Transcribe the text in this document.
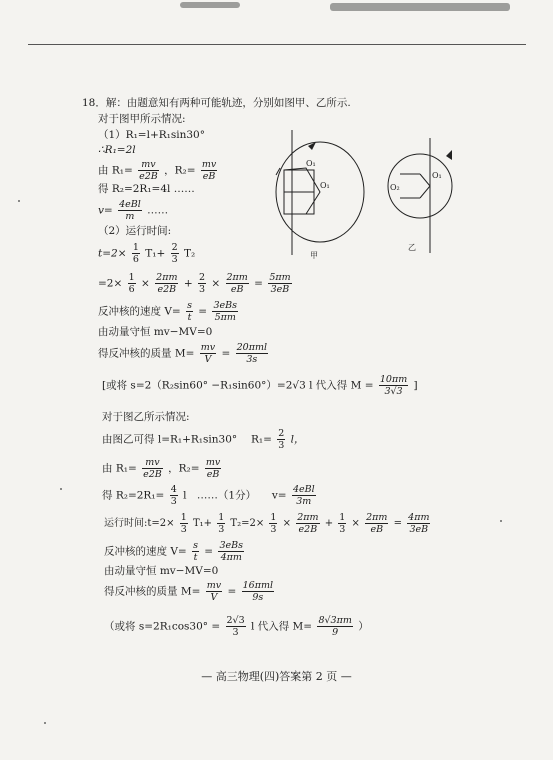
18．解：由题意知有两种可能轨迹，分别如图甲、乙所示.
对于图甲所示情况:
（1）R₁=l+R₁sin30°
∴R₁=2l
由 $R_1= \frac{mv}{e2B}$ ，$R_2= \frac{mv}{eB}$
得 R₂=2R₁=4l ……
$v= \frac{\text{4eBl}}{m}$ ……
（2）运行时间:
$t=2\times \frac{1}{6} T_1+ \frac{2}{3} T_2$
$=2\times \frac{1}{6} \times \frac{2\pi m}{e2B} + \frac{2}{3} \times \frac{2\pi m}{eB} = \frac{5\pi m}{3eB}$
反冲核的速度 $V= \frac{s}{t} = \frac{\text{3eBs}}{5\pi m}$
由动量守恒 mv−MV=0
得反冲核的质量 $M= \frac{mv}{V} = \frac{\text{20πml}}{3s}$
[或将 s=2（R₂sin60° −R₁sin60°）=2√3 l 代入得 $M = \frac{10\pi m}{3√3}$ ]
对于图乙所示情况:
由图乙可得 l=R₁+R₁sin30°　 $R_1= \frac{2}{3}$ l，
由 $R_1= \frac{mv}{e2B}$ ，$R_2= \frac{mv}{eB}$
得 $R_2=2R_1= \frac{4}{3}$ l　……（1分）　　$v= \frac{\text{4eBl}}{3m}$
运行时间:t=2× $\frac{1}{3} T_1+ \frac{1}{3} T_2=2\times \frac{1}{3} \times \frac{2\pi m}{e2B} + \frac{1}{3} \times \frac{2\pi m}{eB} = \frac{4\pi m}{3eB}$
反冲核的速度 $V= \frac{s}{t} = \frac{\text{3eBs}}{4\pi m}$
由动量守恒 mv−MV=0
得反冲核的质量 $M= \frac{mv}{V} = \frac{\text{16πml}}{9s}$
（或将 $s=2R_1\cos 30^\circ = \frac{2√3}{3}$ l 代入得 $M= \frac{8√3\pi m}{9}$ ）
O₁
O₁
甲
O₁
O₂
乙
— 高三物理(四)答案第 2 页 —
